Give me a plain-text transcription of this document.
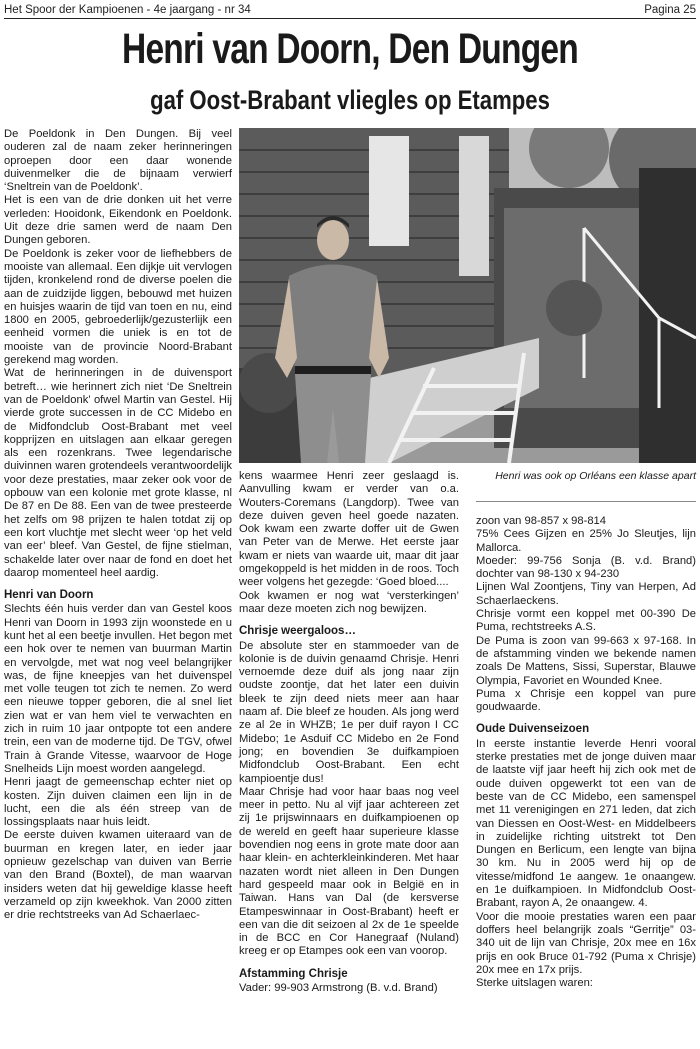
Het Spoor der Kampioenen - 4e jaargang - nr 34	Pagina 25
Henri van Doorn, Den Dungen
gaf Oost-Brabant vliegles op Etampes

De Poeldonk in Den Dungen. Bij veel ouderen zal de naam zeker herinneringen oproepen door een daar wonende duivenmelker die de bijnaam verwierf ‘Sneltrein van de Poeldonk’.

Het is een van de drie donken uit het verre verleden: Hooidonk, Eikendonk en Poeldonk. Uit deze drie samen werd de naam Den Dungen geboren.

De Poeldonk is zeker voor de liefhebbers de mooiste van allemaal. Een dijkje uit vervlogen tijden, kronkelend rond de diverse poelen die aan de zuidzijde liggen, bebouwd met huizen en huisjes waarin de tijd van toen en nu, eind 1800 en 2005, gebroederlijk/gezusterlijk een eenheid vormen die uniek is en tot de mooiste van de provincie Noord-Brabant gerekend mag worden.

Wat de herinneringen in de duivensport betreft… wie herinnert zich niet ‘De Sneltrein van de Poeldonk’ ofwel Martin van Gestel. Hij vierde grote successen in de CC Midebo en de Midfondclub Oost-Brabant met veel kopprijzen en uitslagen aan elkaar geregen als een rozenkrans. Twee legendarische duivinnen waren grotendeels verantwoordelijk voor deze prestaties, maar zeker ook voor de opbouw van een kolonie met grote klasse, nl De 87 en De 88. Een van de twee presteerde het zelfs om 98 prijzen te halen totdat zij op een kort vluchtje met slecht weer ‘op het veld van eer’ bleef. Van Gestel, de fijne stielman, schakelde later over naar de fond en doet het daarop momenteel heel aardig.

Henri van Doorn

Slechts één huis verder dan van Gestel koos Henri van Doorn in 1993 zijn woonstede en u kunt het al een beetje invullen. Het begon met een hok over te nemen van buurman Martin en vervolgde, met wat nog veel belangrijker was, de fijne kneepjes van het duivenspel met volle teugen tot zich te nemen. Zo werd een nieuwe topper geboren, die al snel liet zien wat er van hem viel te verwachten en zich in ruim 10 jaar ontpopte tot een andere trein, een van de moderne tijd. De TGV, ofwel Train à Grande Vitesse, waarvoor de Hoge Snelheids Lijn moest worden aangelegd.

Henri jaagt de gemeenschap echter niet op kosten. Zijn duiven claimen een lijn in de lucht, een die als één streep van de lossingsplaats naar huis leidt.

De eerste duiven kwamen uiteraard van de buurman en kregen later, en ieder jaar opnieuw gezelschap van duiven van Berrie van den Brand (Boxtel), de man waarvan insiders weten dat hij geweldige klasse heeft verzameld op zijn kweekhok. Van 2000 zitten er drie rechtstreeks van Ad Schaerlaec-

Henri was ook op Orléans een klasse apart

kens waarmee Henri zeer geslaagd is. Aanvulling kwam er verder van o.a. Wouters-Coremans (Langdorp). Twee van deze duiven geven heel goede nazaten. Ook kwam een zwarte doffer uit de Gwen van Peter van de Merwe. Het eerste jaar kwam er niets van waarde uit, maar dit jaar omgekoppeld is het midden in de roos. Toch weer volgens het gezegde: ‘Goed bloed....

Ook kwamen er nog wat ‘versterkingen’ maar deze moeten zich nog bewijzen.

Chrisje weergaloos…

De absolute ster en stammoeder van de kolonie is de duivin genaamd Chrisje. Henri vernoemde deze duif als jong naar zijn oudste zoontje, dat het later een duivin bleek te zijn deed niets meer aan haar naam af. Die bleef ze houden. Als jong werd ze al 2e in WHZB; 1e per duif rayon I CC Midebo; 1e Asduif CC Midebo en 2e Fond jong; en bovendien 3e duifkampioen Midfondclub Oost-Brabant. Een echt kampioentje dus!

Maar Chrisje had voor haar baas nog veel meer in petto. Nu al vijf jaar achtereen zet zij 1e prijswinnaars en duifkampioenen op de wereld en geeft haar superieure klasse bovendien nog eens in grote mate door aan haar klein- en achterkleinkinderen. Met haar nazaten wordt niet alleen in Den Dungen hard gespeeld maar ook in België en in Taiwan. Hans van Dal (de kersverse Etampeswinnaar in Oost-Brabant) heeft er een van die dit seizoen al 2x de 1e speelde in de BCC en Cor Hanegraaf (Nuland) kreeg er op Etampes ook een van voorop.

Afstamming Chrisje

Vader: 99-903 Armstrong (B. v.d. Brand)

zoon van 98-857 x 98-814

75% Cees Gijzen en 25% Jo Sleutjes, lijn Mallorca.

Moeder: 99-756 Sonja (B. v.d. Brand) dochter van 98-130 x 94-230

Lijnen Wal Zoontjens, Tiny van Herpen, Ad Schaerlaeckens.

Chrisje vormt een koppel met 00-390 De Puma, rechtstreeks A.S.

De Puma is zoon van 99-663 x 97-168. In de afstamming vinden we bekende namen zoals De Mattens, Sissi, Superstar, Blauwe Olympia, Favoriet en Wounded Knee.

Puma x Chrisje een koppel van pure goudwaarde.

Oude Duivenseizoen

In eerste instantie leverde Henri vooral sterke prestaties met de jonge duiven maar de laatste vijf jaar heeft hij zich ook met de oude duiven opgewerkt tot een van de beste van de CC Midebo, een samenspel met 11 verenigingen en 271 leden, dat zich van Diessen en Oost-West- en Middelbeers in zuidelijke richting uitstrekt tot Den Dungen en Berlicum, een lengte van bijna 30 km. Nu in 2005 werd hij op de vitesse/midfond 1e aangew. 1e onaangew. en 1e duifkampioen. In Midfondclub Oost-Brabant, rayon A, 2e onaangew. 4.

Voor die mooie prestaties waren een paar doffers heel belangrijk zoals “Gerritje” 03-340 uit de lijn van Chrisje, 20x mee en 16x prijs en ook Bruce 01-792 (Puma x Chrisje) 20x mee en 17x prijs.

Sterke uitslagen waren:
